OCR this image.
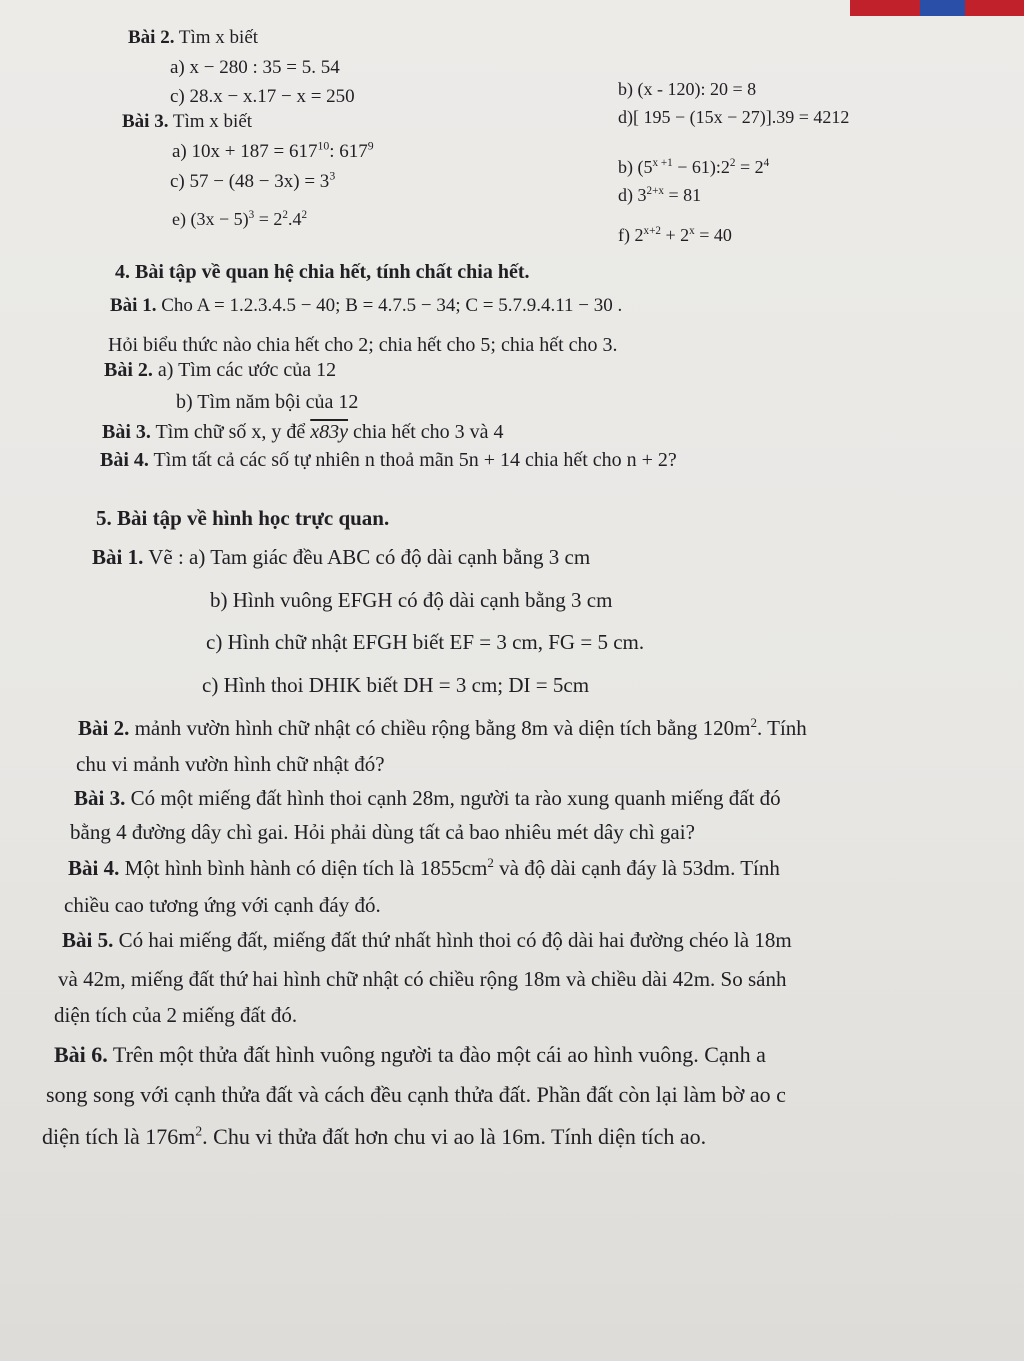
Bài 2. Tìm x biết
a) x − 280 : 35 = 5. 54
c) 28.x − x.17 − x = 250	b) (x - 120): 20 = 8
d)[ 195 − (15x − 27)].39 = 4212
Bài 3. Tìm x biết
a) $10x + 187 = 617^{10}$: $617^9$
c) $57 - (48 - 3x) = 3^3$	b) ($5^{x +1}$ − $61):2^2 = 2^4$
d) $3^{2+x} = 81$
e) $(3x - 5)^3 = 2^2.4^2$
f) $2^{x+2} + 2^x = 40$
4. Bài tập về quan hệ chia hết, tính chất chia hết.
Bài 1. Cho A = 1.2.3.4.5 − 40; B = 4.7.5 − 34; C = 5.7.9.4.11 − 30 .
Hỏi biểu thức nào chia hết cho 2; chia hết cho 5; chia hết cho 3.
Bài 2. a) Tìm các ước của 12
b) Tìm năm bội của 12
Bài 3. Tìm chữ số x, y để x83y chia hết cho 3 và 4
Bài 4. Tìm tất cả các số tự nhiên n thoả mãn 5n + 14 chia hết cho n + 2?
5. Bài tập về hình học trực quan.
Bài 1. Vẽ : a) Tam giác đều ABC có độ dài cạnh bằng 3 cm
b) Hình vuông EFGH có độ dài cạnh bằng 3 cm
c) Hình chữ nhật EFGH biết EF = 3 cm, FG = 5 cm.
c) Hình thoi DHIK biết DH = 3 cm; DI = 5cm
Bài 2. mảnh vườn hình chữ nhật có chiều rộng bằng 8m và diện tích bằng $120m^2$. Tính
chu vi mảnh vườn hình chữ nhật đó?
Bài 3. Có một miếng đất hình thoi cạnh 28m, người ta rào xung quanh miếng đất đó
bằng 4 đường dây chì gai. Hỏi phải dùng tất cả bao nhiêu mét dây chì gai?
Bài 4. Một hình bình hành có diện tích là $1855cm^2$ và độ dài cạnh đáy là 53dm. Tính
chiều cao tương ứng với cạnh đáy đó.
Bài 5. Có hai miếng đất, miếng đất thứ nhất hình thoi có độ dài hai đường chéo là 18m
và 42m, miếng đất thứ hai hình chữ nhật có chiều rộng 18m và chiều dài 42m. So sánh
diện tích của 2 miếng đất đó.
Bài 6. Trên một thửa đất hình vuông người ta đào một cái ao hình vuông. Cạnh a
song song với cạnh thửa đất và cách đều cạnh thửa đất. Phần đất còn lại làm bờ ao c
diện tích là $176m^2$. Chu vi thửa đất hơn chu vi ao là 16m. Tính diện tích ao.
